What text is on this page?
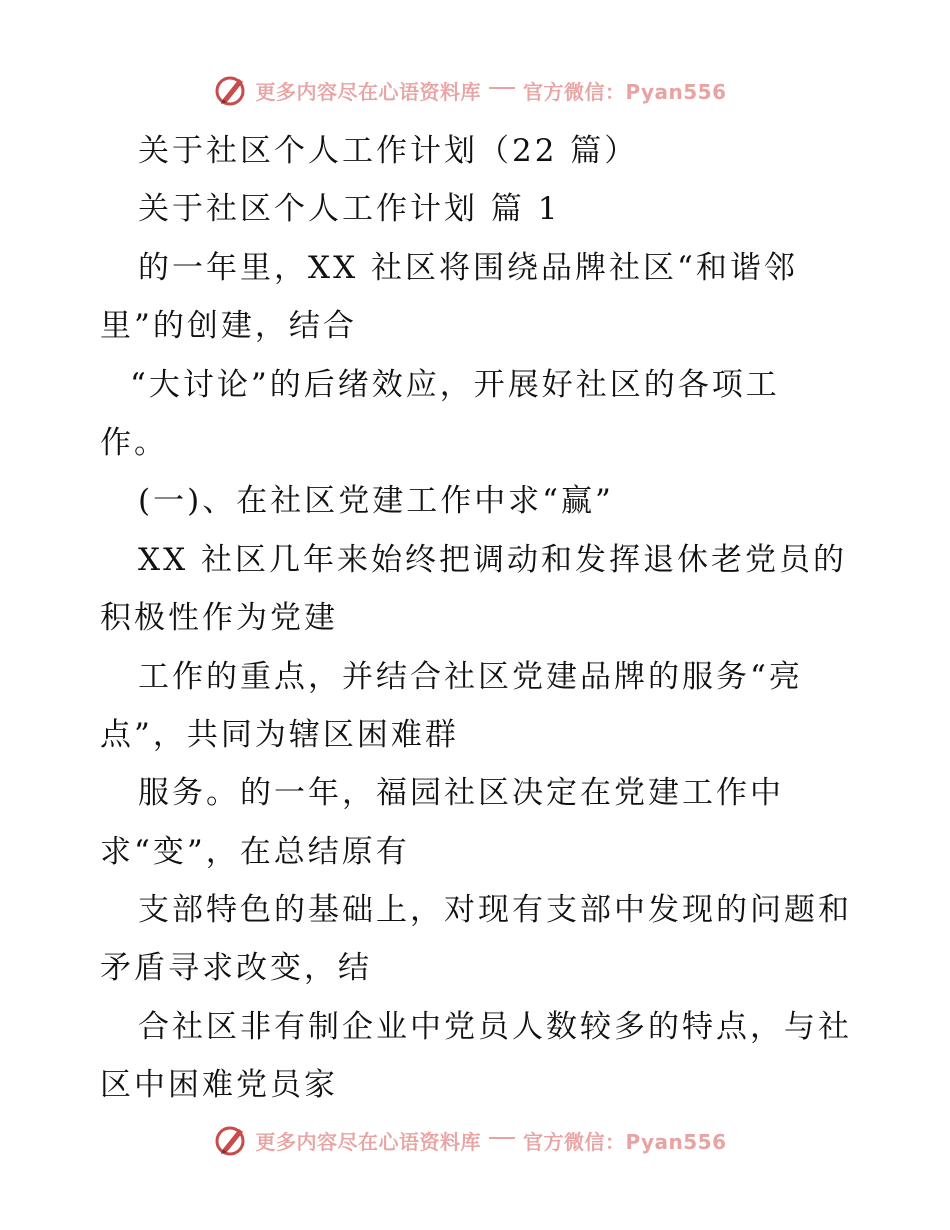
更多内容尽在心语资料库 官方微信：Pyan556
关于社区个人工作计划（22 篇）
关于社区个人工作计划 篇 1
的一年里，XX 社区将围绕品牌社区“和谐邻
里”的创建，结合
“大讨论”的后绪效应，开展好社区的各项工
作。
(一)、在社区党建工作中求“赢”
XX 社区几年来始终把调动和发挥退休老党员的
积极性作为党建
工作的重点，并结合社区党建品牌的服务“亮
点”，共同为辖区困难群
服务。的一年，福园社区决定在党建工作中
求“变”，在总结原有
支部特色的基础上，对现有支部中发现的问题和
矛盾寻求改变，结
合社区非有制企业中党员人数较多的特点，与社
区中困难党员家
更多内容尽在心语资料库 官方微信：Pyan556
